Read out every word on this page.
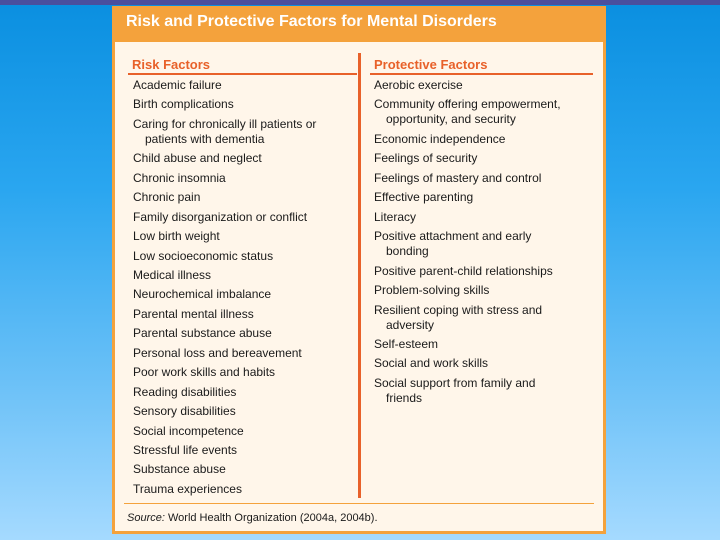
Risk and Protective Factors for Mental Disorders
Risk Factors	Protective Factors
Academic failure
Birth complications
Caring for chronically ill patients or
patients with dementia
Child abuse and neglect
Chronic insomnia
Chronic pain
Family disorganization or conflict
Low birth weight
Low socioeconomic status
Medical illness
Neurochemical imbalance
Parental mental illness
Parental substance abuse
Personal loss and bereavement
Poor work skills and habits
Reading disabilities
Sensory disabilities
Social incompetence
Stressful life events
Substance abuse
Trauma experiences
Aerobic exercise
Community offering empowerment,
opportunity, and security
Economic independence
Feelings of security
Feelings of mastery and control
Effective parenting
Literacy
Positive attachment and early
bonding
Positive parent-child relationships
Problem-solving skills
Resilient coping with stress and
adversity
Self-esteem
Social and work skills
Social support from family and
friends
Source: World Health Organization (2004a, 2004b).
